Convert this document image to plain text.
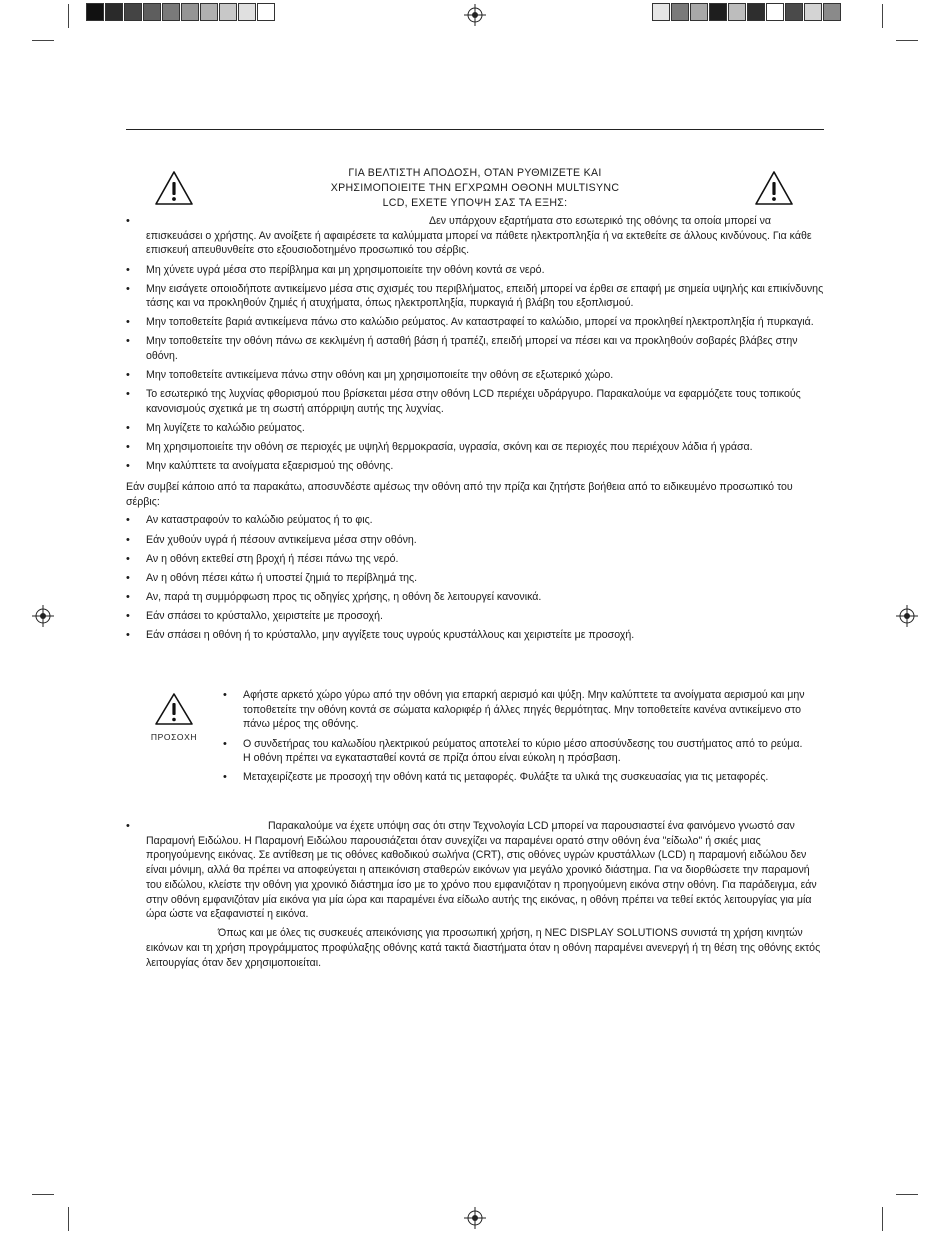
ΓΙΑ ΒΕΛΤΙΣΤΗ ΑΠΟΔΟΣΗ, ΟΤΑΝ ΡΥΘΜΙΖΕΤΕ ΚΑΙ
ΧΡΗΣΙΜΟΠΟΙΕΙΤΕ ΤΗΝ ΕΓΧΡΩΜΗ ΟΘΟΝΗ MULTISYNC
LCD, ΕΧΕΤΕ ΥΠΟΨΗ ΣΑΣ ΤΑ ΕΞΗΣ:
• Δεν υπάρχουν εξαρτήματα στο εσωτερικό της οθόνης τα οποία μπορεί να επισκευάσει ο χρήστης. Αν ανοίξετε ή αφαιρέσετε τα καλύμματα μπορεί να πάθετε ηλεκτροπληξία ή να εκτεθείτε σε άλλους κινδύνους. Για κάθε επισκευή απευθυνθείτε στο εξουσιοδοτημένο προσωπικό του σέρβις.
• Μη χύνετε υγρά μέσα στο περίβλημα και μη χρησιμοποιείτε την οθόνη κοντά σε νερό.
• Μην εισάγετε οποιοδήποτε αντικείμενο μέσα στις σχισμές του περιβλήματος, επειδή μπορεί να έρθει σε επαφή με σημεία υψηλής και επικίνδυνης τάσης και να προκληθούν ζημιές ή ατυχήματα, όπως ηλεκτροπληξία, πυρκαγιά ή βλάβη του εξοπλισμού.
• Μην τοποθετείτε βαριά αντικείμενα πάνω στο καλώδιο ρεύματος. Αν καταστραφεί το καλώδιο, μπορεί να προκληθεί ηλεκτροπληξία ή πυρκαγιά.
• Μην τοποθετείτε την οθόνη πάνω σε κεκλιμένη ή ασταθή βάση ή τραπέζι, επειδή μπορεί να πέσει και να προκληθούν σοβαρές βλάβες στην οθόνη.
• Μην τοποθετείτε αντικείμενα πάνω στην οθόνη και μη χρησιμοποιείτε την οθόνη σε εξωτερικό χώρο.
• Το εσωτερικό της λυχνίας φθορισμού που βρίσκεται μέσα στην οθόνη LCD περιέχει υδράργυρο. Παρακαλούμε να εφαρμόζετε τους τοπικούς κανονισμούς σχετικά με τη σωστή απόρριψη αυτής της λυχνίας.
• Μη λυγίζετε το καλώδιο ρεύματος.
• Μη χρησιμοποιείτε την οθόνη σε περιοχές με υψηλή θερμοκρασία, υγρασία, σκόνη και σε περιοχές που περιέχουν λάδια ή γράσα.
• Μην καλύπτετε τα ανοίγματα εξαερισμού της οθόνης.
Εάν συμβεί κάποιο από τα παρακάτω, αποσυνδέστε αμέσως την οθόνη από την πρίζα και ζητήστε βοήθεια από το ειδικευμένο προσωπικό του σέρβις:
• Αν καταστραφούν το καλώδιο ρεύματος ή το φις.
• Εάν χυθούν υγρά ή πέσουν αντικείμενα μέσα στην οθόνη.
• Αν η οθόνη εκτεθεί στη βροχή ή πέσει πάνω της νερό.
• Αν η οθόνη πέσει κάτω ή υποστεί ζημιά το περίβλημά της.
• Αν, παρά τη συμμόρφωση προς τις οδηγίες χρήσης, η οθόνη δε λειτουργεί κανονικά.
• Εάν σπάσει το κρύσταλλο, χειριστείτε με προσοχή.
• Εάν σπάσει η οθόνη ή το κρύσταλλο, μην αγγίξετε τους υγρούς κρυστάλλους και χειριστείτε με προσοχή.
ΠΡΟΣΟΧΗ
• Αφήστε αρκετό χώρο γύρω από την οθόνη για επαρκή αερισμό και ψύξη. Μην καλύπτετε τα ανοίγματα αερισμού και μην τοποθετείτε την οθόνη κοντά σε σώματα καλοριφέρ ή άλλες πηγές θερμότητας. Μην τοποθετείτε κανένα αντικείμενο στο πάνω μέρος της οθόνης.
• Ο συνδετήρας του καλωδίου ηλεκτρικού ρεύματος αποτελεί το κύριο μέσο αποσύνδεσης του συστήματος από το ρεύμα. Η οθόνη πρέπει να εγκατασταθεί κοντά σε πρίζα όπου είναι εύκολη η πρόσβαση.
• Μεταχειρίζεστε με προσοχή την οθόνη κατά τις μεταφορές. Φυλάξτε τα υλικά της συσκευασίας για τις μεταφορές.
• Παρακαλούμε να έχετε υπόψη σας ότι στην Τεχνολογία LCD μπορεί να παρουσιαστεί ένα φαινόμενο γνωστό σαν Παραμονή Ειδώλου. Η Παραμονή Ειδώλου παρουσιάζεται όταν συνεχίζει να παραμένει ορατό στην οθόνη ένα "είδωλο" ή σκιές μιας προηγούμενης εικόνας. Σε αντίθεση με τις οθόνες καθοδικού σωλήνα (CRT), στις οθόνες υγρών κρυστάλλων (LCD) η παραμονή ειδώλου δεν είναι μόνιμη, αλλά θα πρέπει να αποφεύγεται η απεικόνιση σταθερών εικόνων για μεγάλο χρονικό διάστημα. Για να διορθώσετε την παραμονή του ειδώλου, κλείστε την οθόνη για χρονικό διάστημα ίσο με το χρόνο που εμφανιζόταν η προηγούμενη εικόνα στην οθόνη. Για παράδειγμα, εάν στην οθόνη εμφανιζόταν μία εικόνα για μία ώρα και παραμένει ένα είδωλο αυτής της εικόνας, η οθόνη πρέπει να τεθεί εκτός λειτουργίας για μία ώρα ώστε να εξαφανιστεί η εικόνα.
Όπως και με όλες τις συσκευές απεικόνισης για προσωπική χρήση, η NEC DISPLAY SOLUTIONS συνιστά τη χρήση κινητών εικόνων και τη χρήση προγράμματος προφύλαξης οθόνης κατά τακτά διαστήματα όταν η οθόνη παραμένει ανενεργή ή τη θέση της οθόνης εκτός λειτουργίας όταν δεν χρησιμοποιείται.
